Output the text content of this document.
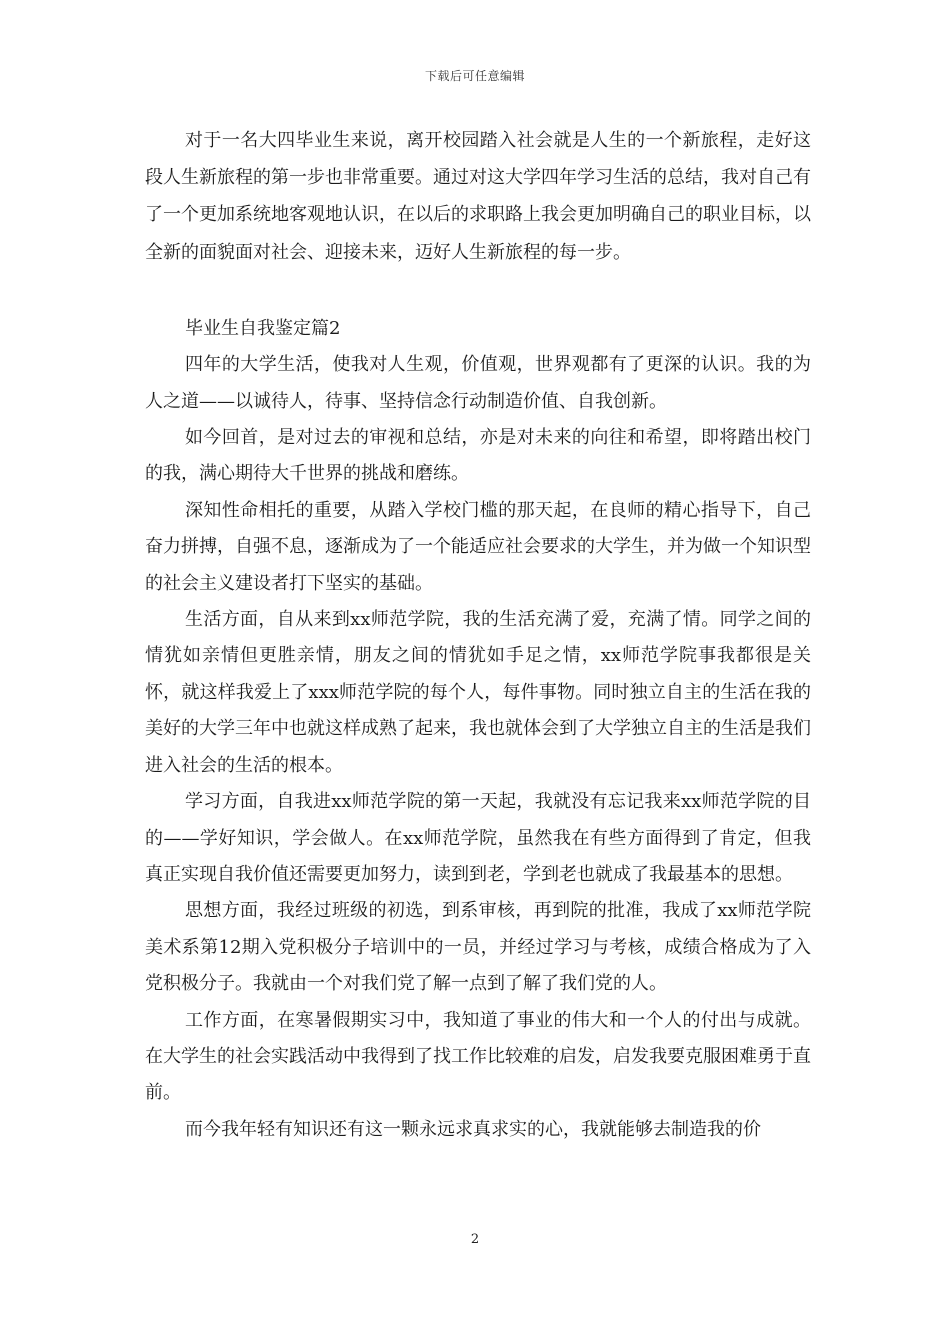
下载后可任意编辑

对于一名大四毕业生来说，离开校园踏入社会就是人生的一个新旅程，走好这段人生新旅程的第一步也非常重要。通过对这大学四年学习生活的总结，我对自己有了一个更加系统地客观地认识，在以后的求职路上我会更加明确自己的职业目标，以全新的面貌面对社会、迎接未来，迈好人生新旅程的每一步。

毕业生自我鉴定篇2

四年的大学生活，使我对人生观，价值观，世界观都有了更深的认识。我的为人之道——以诚待人，待事、坚持信念行动制造价值、自我创新。

如今回首，是对过去的审视和总结，亦是对未来的向往和希望，即将踏出校门的我，满心期待大千世界的挑战和磨练。

深知性命相托的重要，从踏入学校门槛的那天起，在良师的精心指导下，自己奋力拼搏，自强不息，逐渐成为了一个能适应社会要求的大学生，并为做一个知识型的社会主义建设者打下坚实的基础。

生活方面，自从来到xx师范学院，我的生活充满了爱，充满了情。同学之间的情犹如亲情但更胜亲情，朋友之间的情犹如手足之情，xx师范学院事我都很是关怀，就这样我爱上了xxx师范学院的每个人，每件事物。同时独立自主的生活在我的美好的大学三年中也就这样成熟了起来，我也就体会到了大学独立自主的生活是我们进入社会的生活的根本。

学习方面，自我进xx师范学院的第一天起，我就没有忘记我来xx师范学院的目的——学好知识，学会做人。在xx师范学院，虽然我在有些方面得到了肯定，但我真正实现自我价值还需要更加努力，读到到老，学到老也就成了我最基本的思想。

思想方面，我经过班级的初选，到系审核，再到院的批准，我成了xx师范学院美术系第12期入党积极分子培训中的一员，并经过学习与考核，成绩合格成为了入党积极分子。我就由一个对我们党了解一点到了解了我们党的人。

工作方面，在寒暑假期实习中，我知道了事业的伟大和一个人的付出与成就。在大学生的社会实践活动中我得到了找工作比较难的启发，启发我要克服困难勇于直前。

而今我年轻有知识还有这一颗永远求真求实的心，我就能够去制造我的价

2
